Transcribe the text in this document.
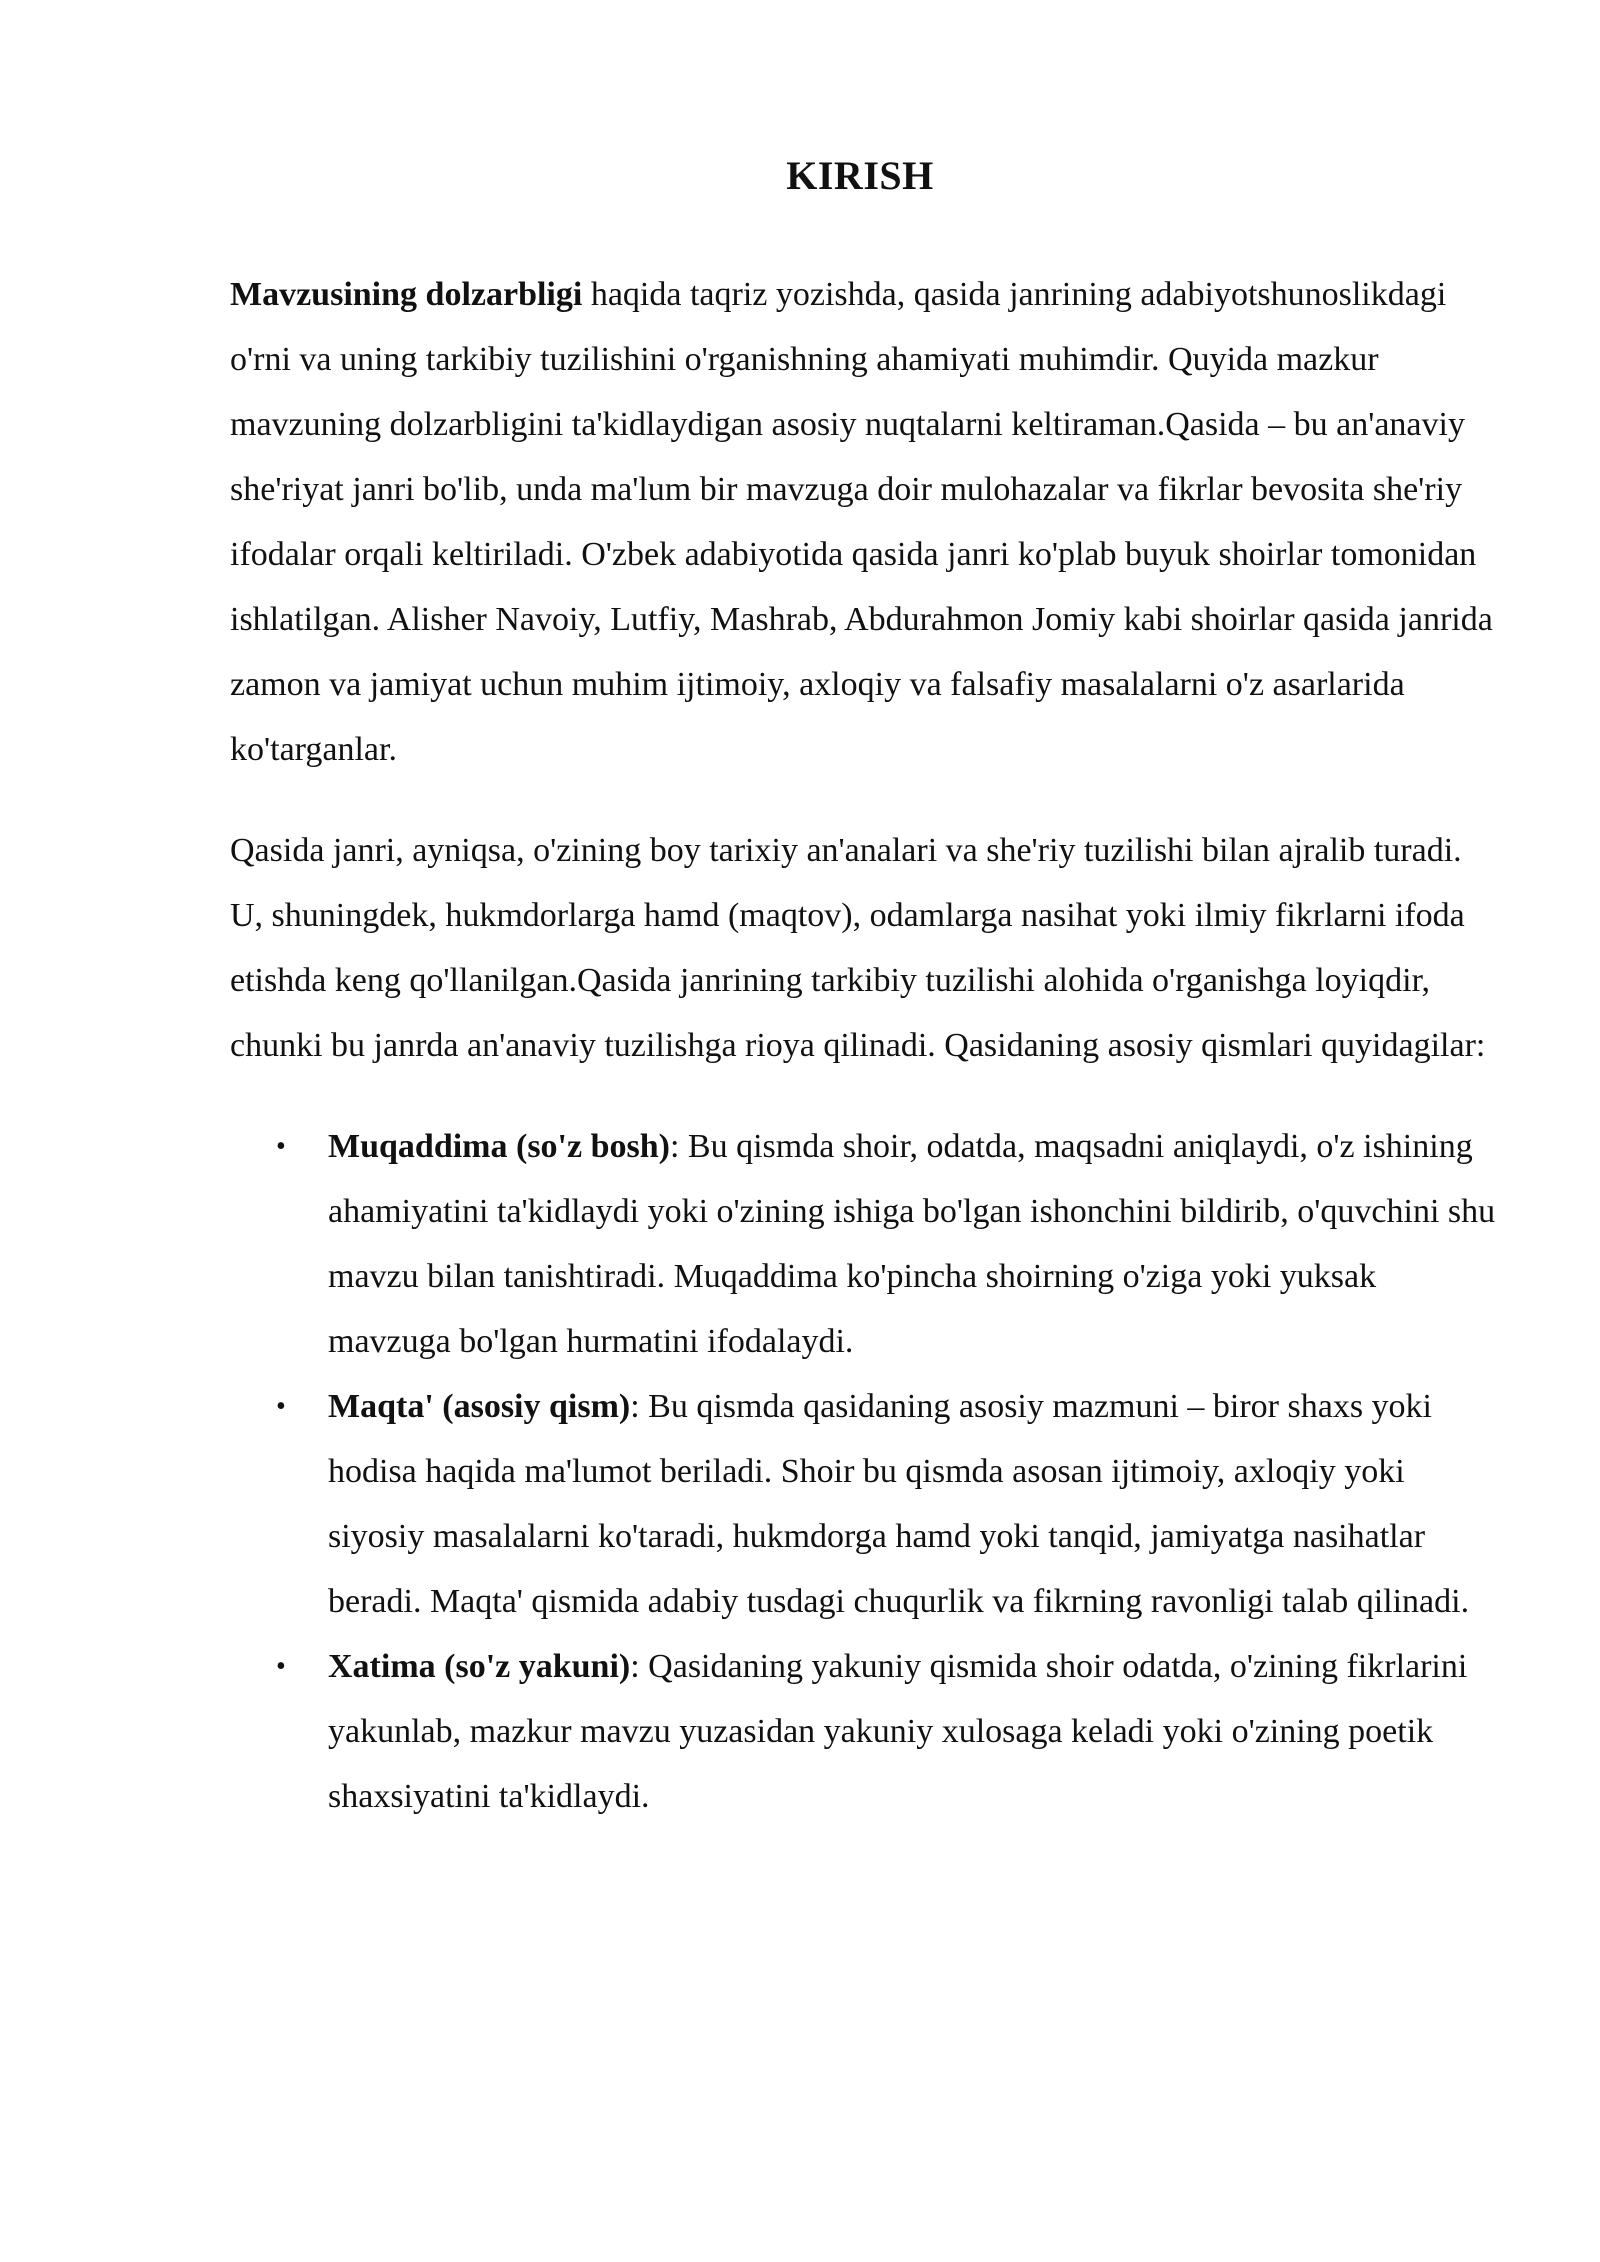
KIRISH

Mavzusining dolzarbligi haqida taqriz yozishda, qasida janrining adabiyotshunoslikdagi o'rni va uning tarkibiy tuzilishini o'rganishning ahamiyati muhimdir. Quyida mazkur mavzuning dolzarbligini ta'kidlaydigan asosiy nuqtalarni keltiraman.Qasida – bu an'anaviy she'riyat janri bo'lib, unda ma'lum bir mavzuga doir mulohazalar va fikrlar bevosita she'riy ifodalar orqali keltiriladi. O'zbek adabiyotida qasida janri ko'plab buyuk shoirlar tomonidan ishlatilgan. Alisher Navoiy, Lutfiy, Mashrab, Abdurahmon Jomiy kabi shoirlar qasida janrida zamon va jamiyat uchun muhim ijtimoiy, axloqiy va falsafiy masalalarni o'z asarlarida ko'targanlar.

Qasida janri, ayniqsa, o'zining boy tarixiy an'analari va she'riy tuzilishi bilan ajralib turadi. U, shuningdek, hukmdorlarga hamd (maqtov), odamlarga nasihat yoki ilmiy fikrlarni ifoda etishda keng qo'llanilgan.Qasida janrining tarkibiy tuzilishi alohida o'rganishga loyiqdir, chunki bu janrda an'anaviy tuzilishga rioya qilinadi. Qasidaning asosiy qismlari quyidagilar:

• Muqaddima (so'z bosh): Bu qismda shoir, odatda, maqsadni aniqlaydi, o'z ishining ahamiyatini ta'kidlaydi yoki o'zining ishiga bo'lgan ishonchini bildirib, o'quvchini shu mavzu bilan tanishtiradi. Muqaddima ko'pincha shoirning o'ziga yoki yuksak mavzuga bo'lgan hurmatini ifodalaydi.
• Maqta' (asosiy qism): Bu qismda qasidaning asosiy mazmuni – biror shaxs yoki hodisa haqida ma'lumot beriladi. Shoir bu qismda asosan ijtimoiy, axloqiy yoki siyosiy masalalarni ko'taradi, hukmdorga hamd yoki tanqid, jamiyatga nasihatlar beradi. Maqta' qismida adabiy tusdagi chuqurlik va fikrning ravonligi talab qilinadi.
• Xatima (so'z yakuni): Qasidaning yakuniy qismida shoir odatda, o'zining fikrlarini yakunlab, mazkur mavzu yuzasidan yakuniy xulosaga keladi yoki o'zining poetik shaxsiyatini ta'kidlaydi.
